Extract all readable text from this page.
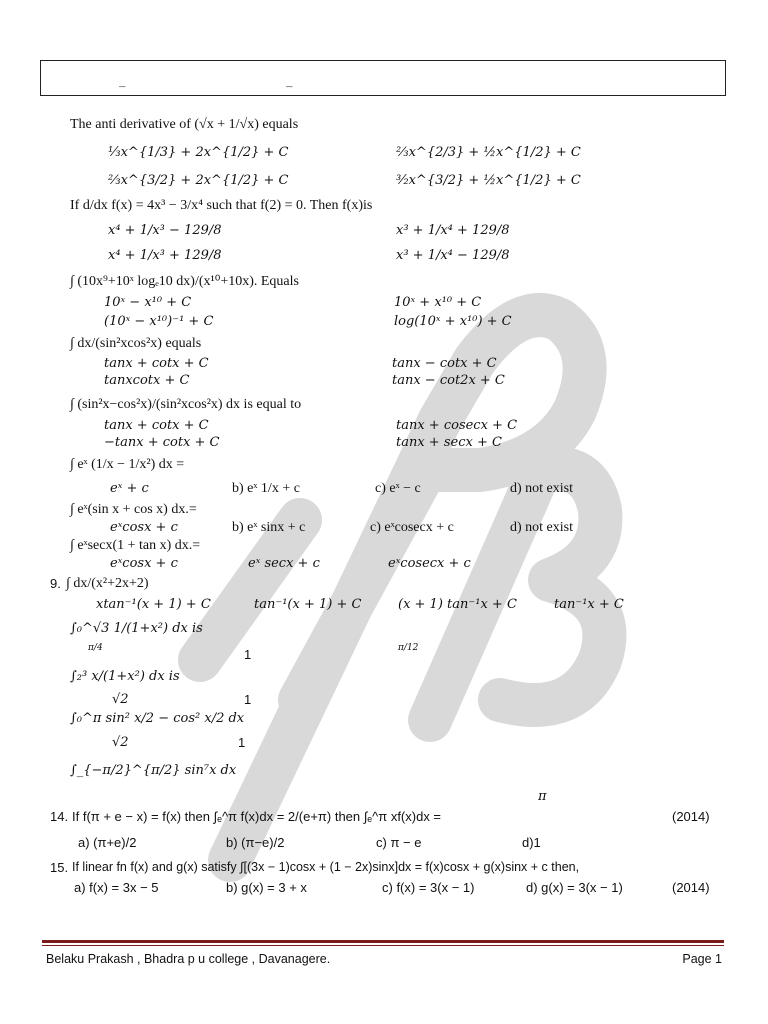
_	_
The anti derivative of (√x + 1/√x) equals
⅓x^{1/3} + 2x^{1/2} + C	⅔x^{2/3} + ½x^{1/2} + C
⅔x^{3/2} + 2x^{1/2} + C	³⁄₂x^{3/2} + ½x^{1/2} + C
If d/dx f(x) = 4x³ − 3/x⁴ such that f(2) = 0. Then f(x)is
x⁴ + 1/x³ − 129/8	x³ + 1/x⁴ + 129/8
x⁴ + 1/x³ + 129/8	x³ + 1/x⁴ − 129/8
∫ (10x⁹+10ˣ logₑ10 dx)/(x¹⁰+10x). Equals
10ˣ − x¹⁰ + C	10ˣ + x¹⁰ + C
(10ˣ − x¹⁰)⁻¹ + C	log(10ˣ + x¹⁰) + C
∫ dx/(sin²xcos²x) equals
tanx + cotx + C	tanx − cotx + C
tanxcotx + C	tanx − cot2x + C
∫ (sin²x−cos²x)/(sin²xcos²x) dx is equal to
tanx + cotx + C	tanx + cosecx + C
−tanx + cotx + C	tanx + secx + C
∫ eˣ (1/x − 1/x²) dx =
eˣ + c	b) eˣ 1/x + c	c) eˣ − c	d) not exist
∫ eˣ(sin x + cos x) dx.=
eˣcosx + c	b) eˣ sinx + c	c) eˣcosecx + c	d) not exist
∫ eˣsecx(1 + tan x) dx.=
eˣcosx + c	eˣ secx + c	eˣcosecx + c
9. ∫ dx/(x²+2x+2)
xtan⁻¹(x + 1) + C	tan⁻¹(x + 1) + C	(x + 1) tan⁻¹x + C	tan⁻¹x + C
∫₀^√3 1/(1+x²) dx is
π/4	1	π/12
∫₂³ x/(1+x²) dx is
√2	1
∫₀^π sin² x/2 − cos² x/2 dx
√2	1
∫_{−π/2}^{π/2} sin⁷x dx
π
14. If f(π + e − x) = f(x) then ∫ₑ^π f(x)dx = 2/(e+π) then ∫ₑ^π xf(x)dx =	(2014)
a) (π+e)/2	b) (π−e)/2	c) π − e	d)1
15. If linear fn f(x) and g(x) satisfy ∫[(3x − 1)cosx + (1 − 2x)sinx]dx = f(x)cosx + g(x)sinx + c then,
a) f(x) = 3x − 5	b) g(x) = 3 + x	c) f(x) = 3(x − 1)	d) g(x) = 3(x − 1)	(2014)
Belaku Prakash , Bhadra p u college , Davanagere.	Page 1
